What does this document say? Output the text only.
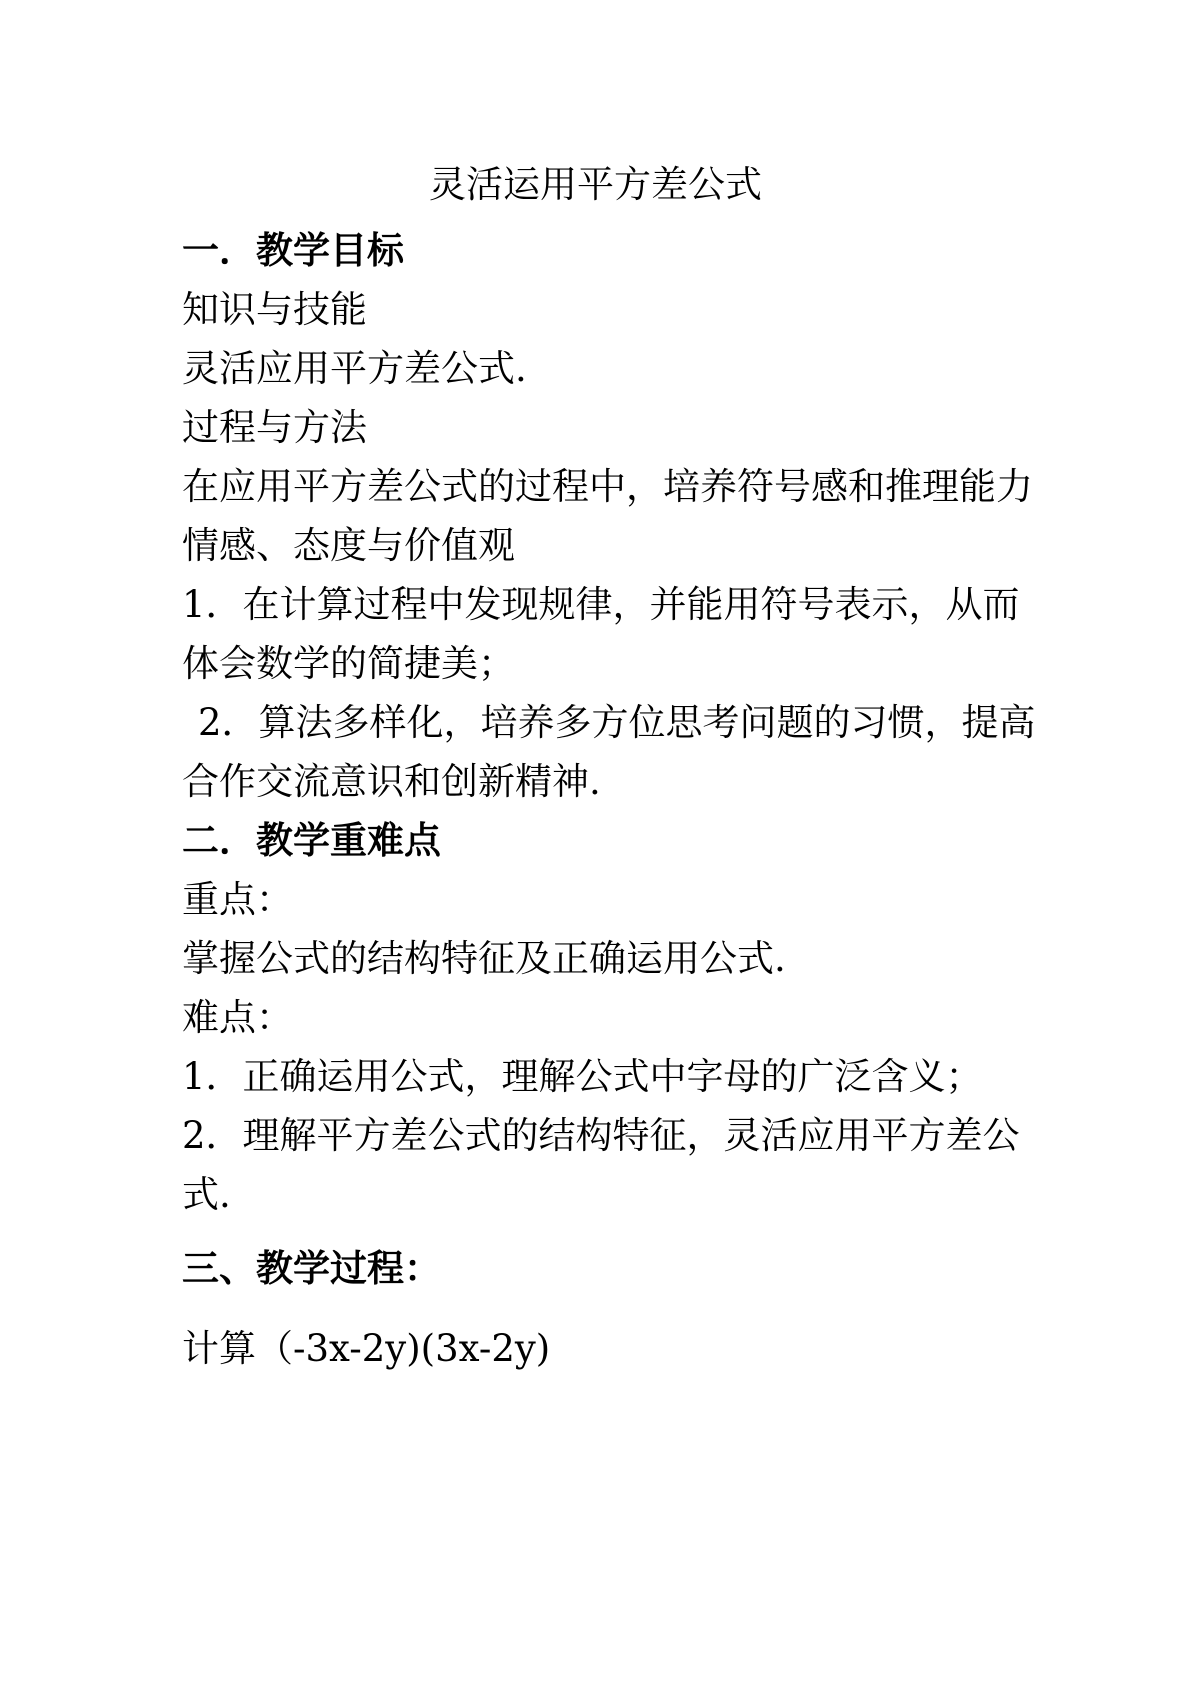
灵活运用平方差公式
一．教学目标
知识与技能
灵活应用平方差公式.
过程与方法
在应用平方差公式的过程中，培养符号感和推理能力
情感、态度与价值观
1．在计算过程中发现规律，并能用符号表示，从而
体会数学的简捷美；
2．算法多样化，培养多方位思考问题的习惯，提高
合作交流意识和创新精神.
二．教学重难点
重点：
掌握公式的结构特征及正确运用公式.
难点：
1．正确运用公式，理解公式中字母的广泛含义；
2．理解平方差公式的结构特征，灵活应用平方差公
式.
三、教学过程：
计算（-3x-2y)(3x-2y)
